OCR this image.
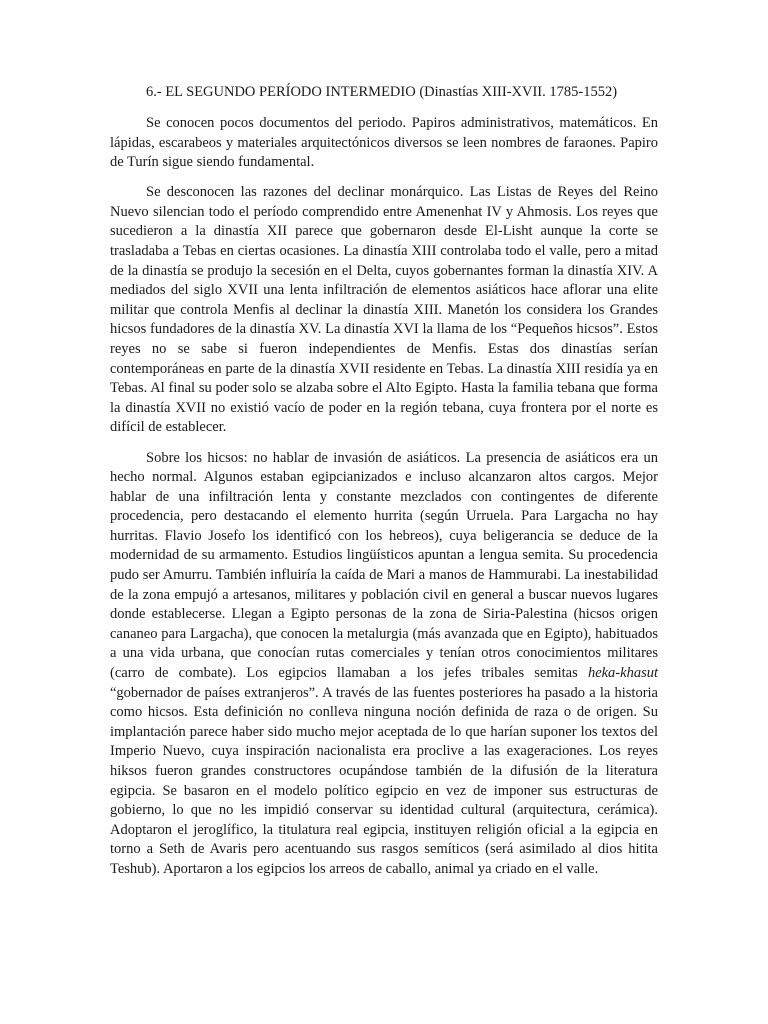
6.- EL SEGUNDO PERÍODO INTERMEDIO (Dinastías XIII-XVII. 1785-1552)

Se conocen pocos documentos del periodo. Papiros administrativos, matemáticos. En lápidas, escarabeos y materiales arquitectónicos diversos se leen nombres de faraones. Papiro de Turín sigue siendo fundamental.

Se desconocen las razones del declinar monárquico. Las Listas de Reyes del Reino Nuevo silencian todo el período comprendido entre Amenenhat IV y Ahmosis. Los reyes que sucedieron a la dinastía XII parece que gobernaron desde El-Lisht aunque la corte se trasladaba a Tebas en ciertas ocasiones. La dinastía XIII controlaba todo el valle, pero a mitad de la dinastía se produjo la secesión en el Delta, cuyos gobernantes forman la dinastía XIV. A mediados del siglo XVII una lenta infiltración de elementos asiáticos hace aflorar una elite militar que controla Menfis al declinar la dinastía XIII. Manetón los considera los Grandes hicsos fundadores de la dinastía XV. La dinastía XVI la llama de los “Pequeños hicsos”. Estos reyes no se sabe si fueron independientes de Menfis. Estas dos dinastías serían contemporáneas en parte de la dinastía XVII residente en Tebas. La dinastía XIII residía ya en Tebas. Al final su poder solo se alzaba sobre el Alto Egipto. Hasta la familia tebana que forma la dinastía XVII no existió vacío de poder en la región tebana, cuya frontera por el norte es difícil de establecer.

Sobre los hicsos: no hablar de invasión de asiáticos. La presencia de asiáticos era un hecho normal. Algunos estaban egipcianizados e incluso alcanzaron altos cargos. Mejor hablar de una infiltración lenta y constante mezclados con contingentes de diferente procedencia, pero destacando el elemento hurrita (según Urruela. Para Largacha no hay hurritas. Flavio Josefo los identificó con los hebreos), cuya beligerancia se deduce de la modernidad de su armamento. Estudios lingüísticos apuntan a lengua semita. Su procedencia pudo ser Amurru. También influiría la caída de Mari a manos de Hammurabi. La inestabilidad de la zona empujó a artesanos, militares y población civil en general a buscar nuevos lugares donde establecerse. Llegan a Egipto personas de la zona de Siria-Palestina (hicsos origen cananeo para Largacha), que conocen la metalurgia (más avanzada que en Egipto), habituados a una vida urbana, que conocían rutas comerciales y tenían otros conocimientos militares (carro de combate). Los egipcios llamaban a los jefes tribales semitas heka-khasut “gobernador de países extranjeros”. A través de las fuentes posteriores ha pasado a la historia como hicsos. Esta definición no conlleva ninguna noción definida de raza o de origen. Su implantación parece haber sido mucho mejor aceptada de lo que harían suponer los textos del Imperio Nuevo, cuya inspiración nacionalista era proclive a las exageraciones. Los reyes hiksos fueron grandes constructores ocupándose también de la difusión de la literatura egipcia. Se basaron en el modelo político egipcio en vez de imponer sus estructuras de gobierno, lo que no les impidió conservar su identidad cultural (arquitectura, cerámica). Adoptaron el jeroglífico, la titulatura real egipcia, instituyen religión oficial a la egipcia en torno a Seth de Avaris pero acentuando sus rasgos semíticos (será asimilado al dios hitita Teshub). Aportaron a los egipcios los arreos de caballo, animal ya criado en el valle.
